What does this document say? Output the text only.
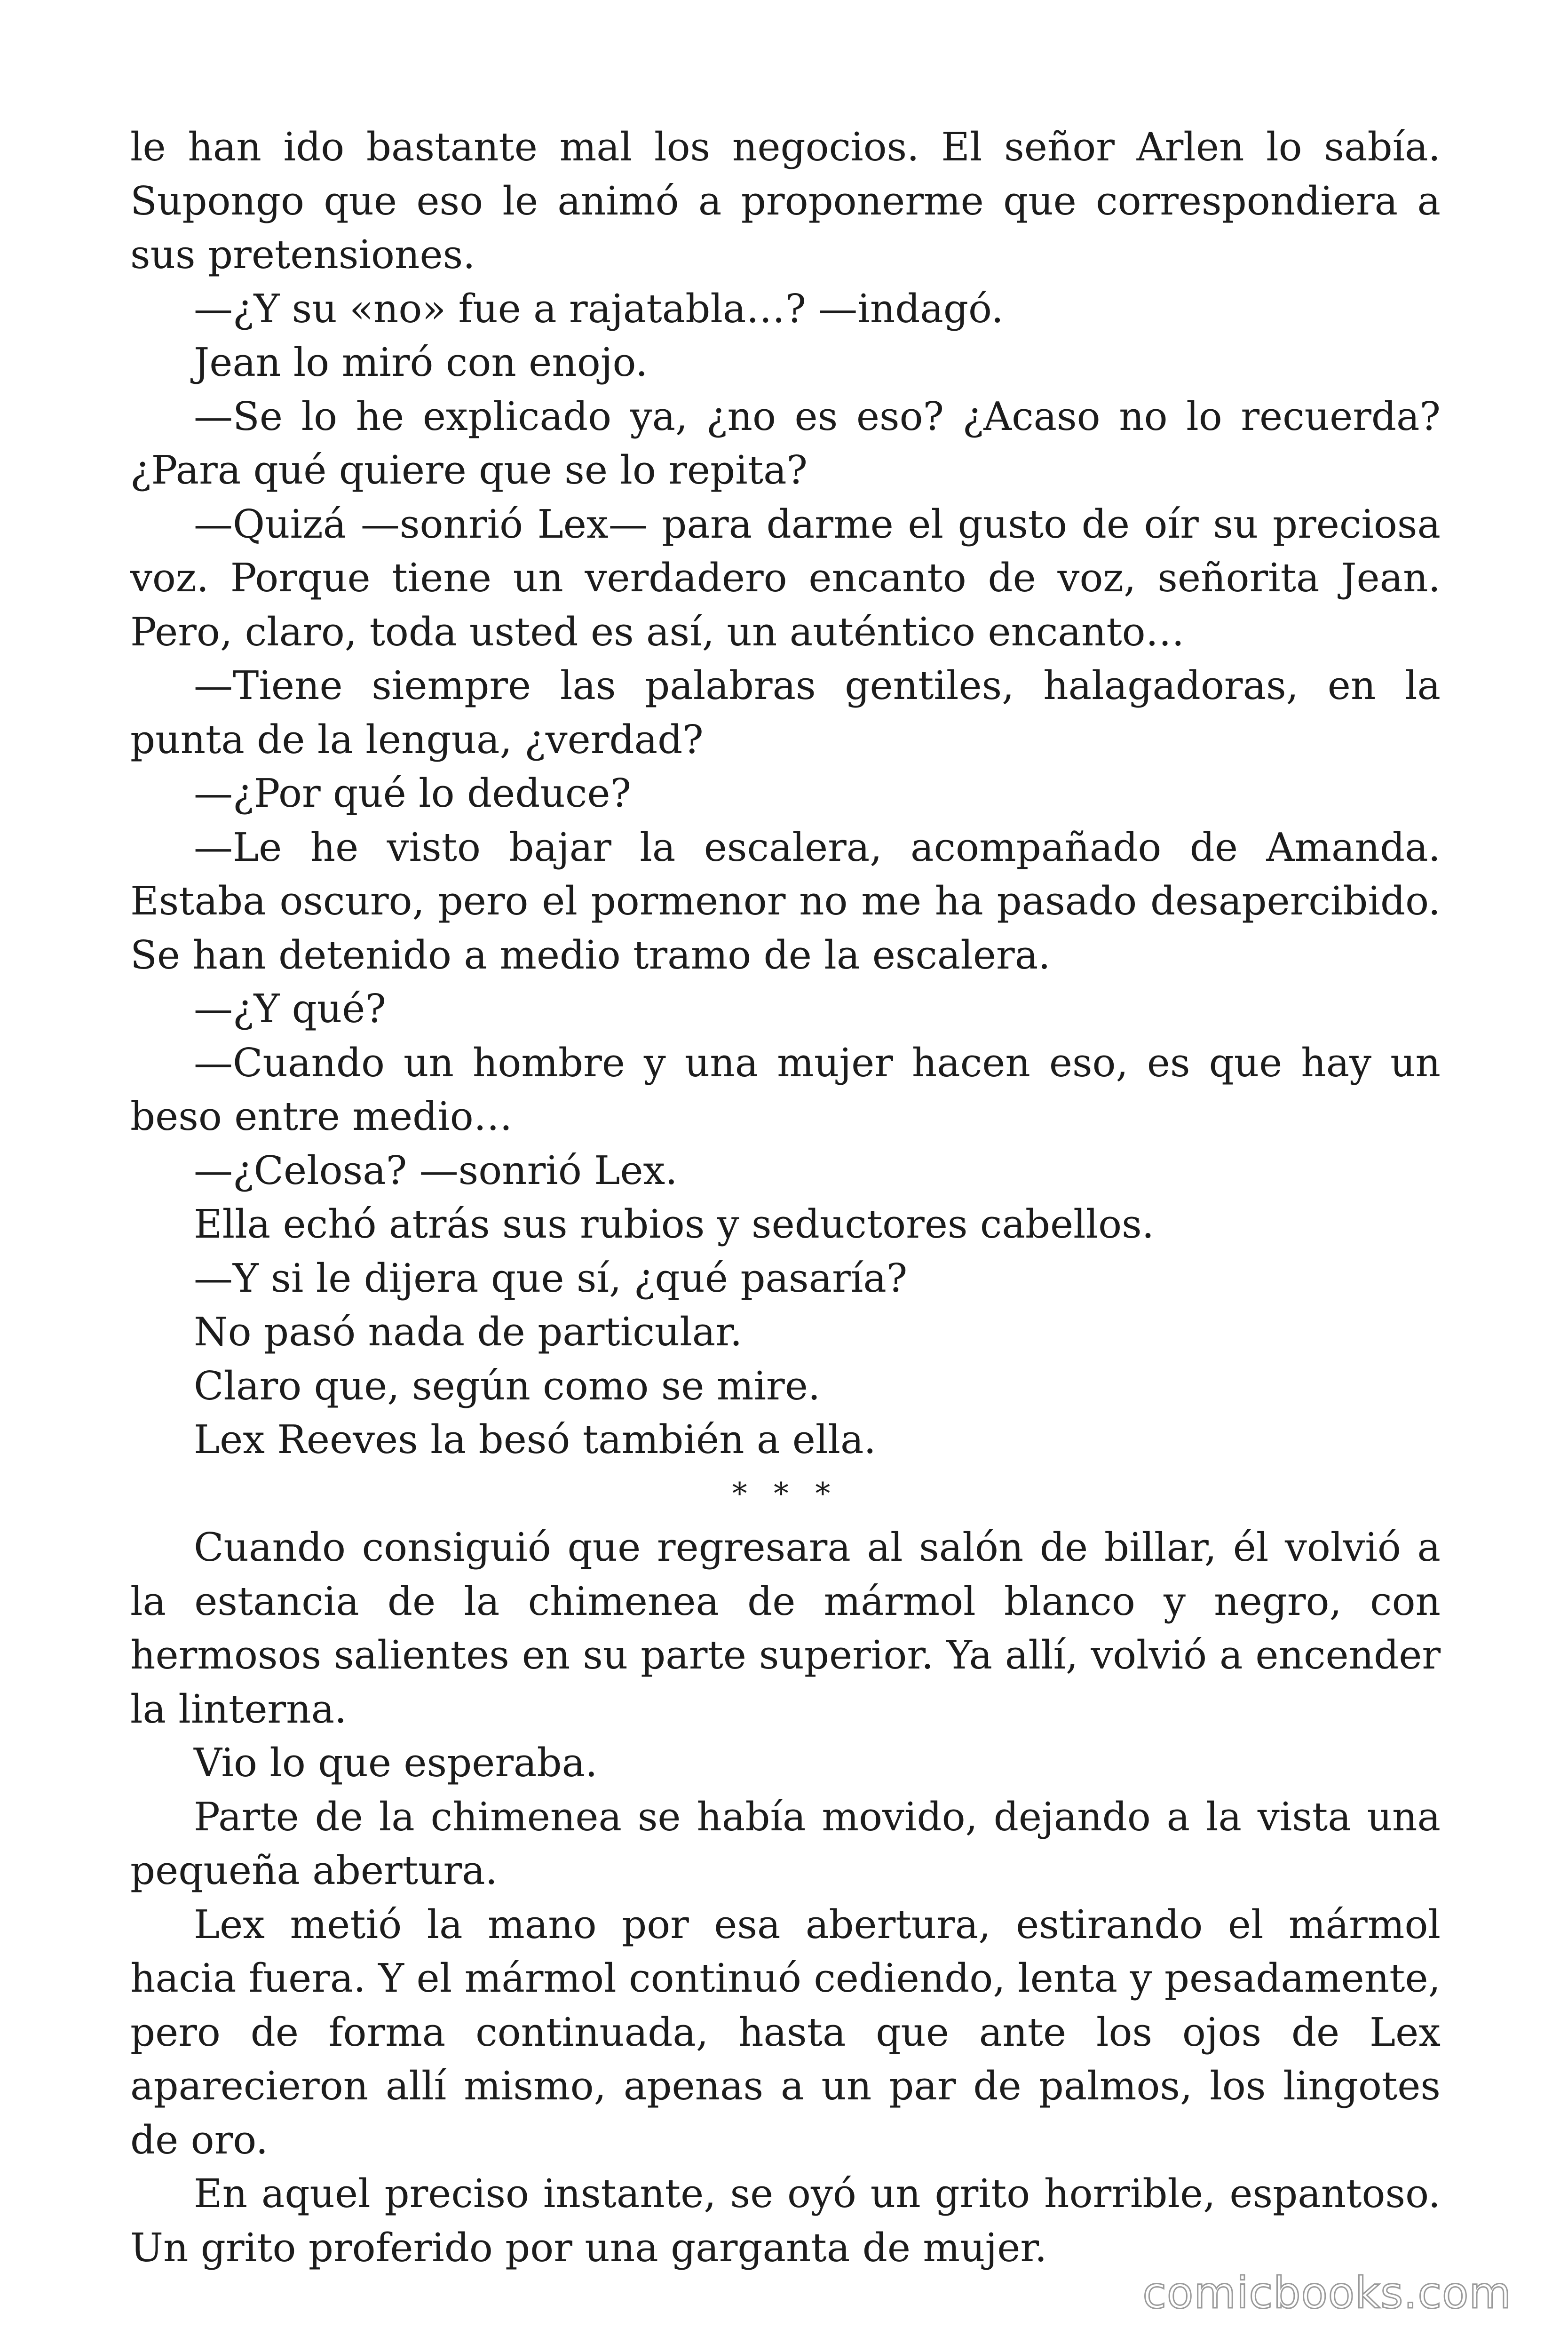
le han ido bastante mal los negocios. El señor Arlen lo sabía. Supongo que eso le animó a proponerme que correspondiera a sus pretensiones.

—¿Y su «no» fue a rajatabla…? —indagó.

Jean lo miró con enojo.

—Se lo he explicado ya, ¿no es eso? ¿Acaso no lo recuerda? ¿Para qué quiere que se lo repita?

—Quizá —sonrió Lex— para darme el gusto de oír su preciosa voz. Porque tiene un verdadero encanto de voz, señorita Jean. Pero, claro, toda usted es así, un auténtico encanto…

—Tiene siempre las palabras gentiles, halagadoras, en la punta de la lengua, ¿verdad?

—¿Por qué lo deduce?

—Le he visto bajar la escalera, acompañado de Amanda. Estaba oscuro, pero el pormenor no me ha pasado desapercibido. Se han detenido a medio tramo de la escalera.

—¿Y qué?

—Cuando un hombre y una mujer hacen eso, es que hay un beso entre medio…

—¿Celosa? —sonrió Lex.

Ella echó atrás sus rubios y seductores cabellos.

—Y si le dijera que sí, ¿qué pasaría?

No pasó nada de particular.

Claro que, según como se mire.

Lex Reeves la besó también a ella.

* * *

Cuando consiguió que regresara al salón de billar, él volvió a la estancia de la chimenea de mármol blanco y negro, con hermosos salientes en su parte superior. Ya allí, volvió a encender la linterna.

Vio lo que esperaba.

Parte de la chimenea se había movido, dejando a la vista una pequeña abertura.

Lex metió la mano por esa abertura, estirando el mármol hacia fuera. Y el mármol continuó cediendo, lenta y pesadamente, pero de forma continuada, hasta que ante los ojos de Lex aparecieron allí mismo, apenas a un par de palmos, los lingotes de oro.

En aquel preciso instante, se oyó un grito horrible, espantoso. Un grito proferido por una garganta de mujer.

comicbooks.com
